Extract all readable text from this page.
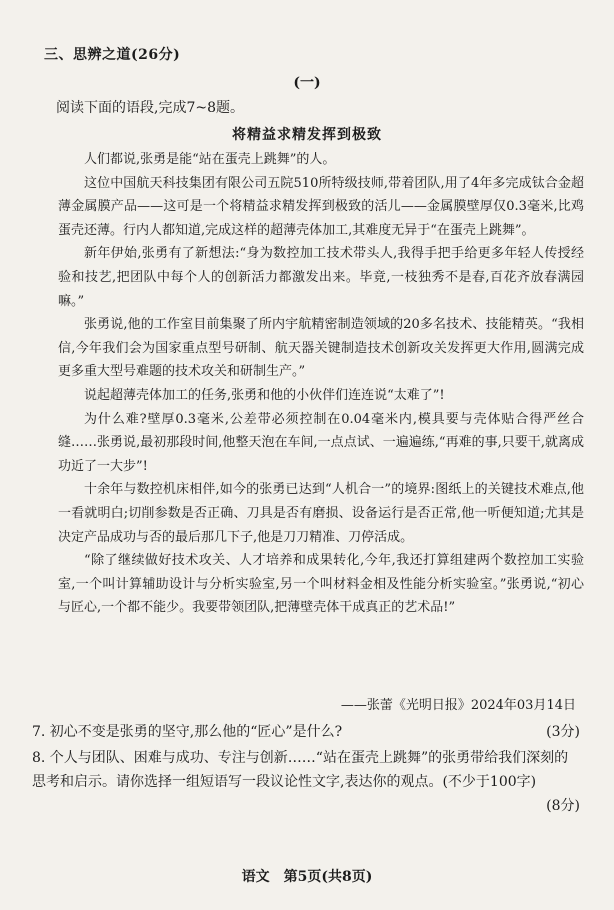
三、思辨之道(26分)
(一)
阅读下面的语段,完成7~8题。
将精益求精发挥到极致

人们都说,张勇是能“站在蛋壳上跳舞”的人。

这位中国航天科技集团有限公司五院510所特级技师,带着团队,用了4年多完成钛合金超薄金属膜产品——这可是一个将精益求精发挥到极致的活儿——金属膜壁厚仅0.3毫米,比鸡蛋壳还薄。行内人都知道,完成这样的超薄壳体加工,其难度无异于“在蛋壳上跳舞”。

新年伊始,张勇有了新想法:“身为数控加工技术带头人,我得手把手给更多年轻人传授经验和技艺,把团队中每个人的创新活力都激发出来。毕竟,一枝独秀不是春,百花齐放春满园嘛。”

张勇说,他的工作室目前集聚了所内宇航精密制造领域的20多名技术、技能精英。“我相信,今年我们会为国家重点型号研制、航天器关键制造技术创新攻关发挥更大作用,圆满完成更多重大型号难题的技术攻关和研制生产。”

说起超薄壳体加工的任务,张勇和他的小伙伴们连连说“太难了”!

为什么难?壁厚0.3毫米,公差带必须控制在0.04毫米内,模具要与壳体贴合得严丝合缝……张勇说,最初那段时间,他整天泡在车间,一点点试、一遍遍练,“再难的事,只要干,就离成功近了一大步”!

十余年与数控机床相伴,如今的张勇已达到“人机合一”的境界:图纸上的关键技术难点,他一看就明白;切削参数是否正确、刀具是否有磨损、设备运行是否正常,他一听便知道;尤其是决定产品成功与否的最后那几下子,他是刀刀精准、刀停活成。

“除了继续做好技术攻关、人才培养和成果转化,今年,我还打算组建两个数控加工实验室,一个叫计算辅助设计与分析实验室,另一个叫材料金相及性能分析实验室。”张勇说,“初心与匠心,一个都不能少。我要带领团队,把薄壁壳体干成真正的艺术品!”

——张蕾《光明日报》2024年03月14日
7. 初心不变是张勇的坚守,那么他的“匠心”是什么?	(3分)
8. 个人与团队、困难与成功、专注与创新……“站在蛋壳上跳舞”的张勇带给我们深刻的思考和启示。请你选择一组短语写一段议论性文字,表达你的观点。(不少于100字)
(8分)
语文　第5页(共8页)
